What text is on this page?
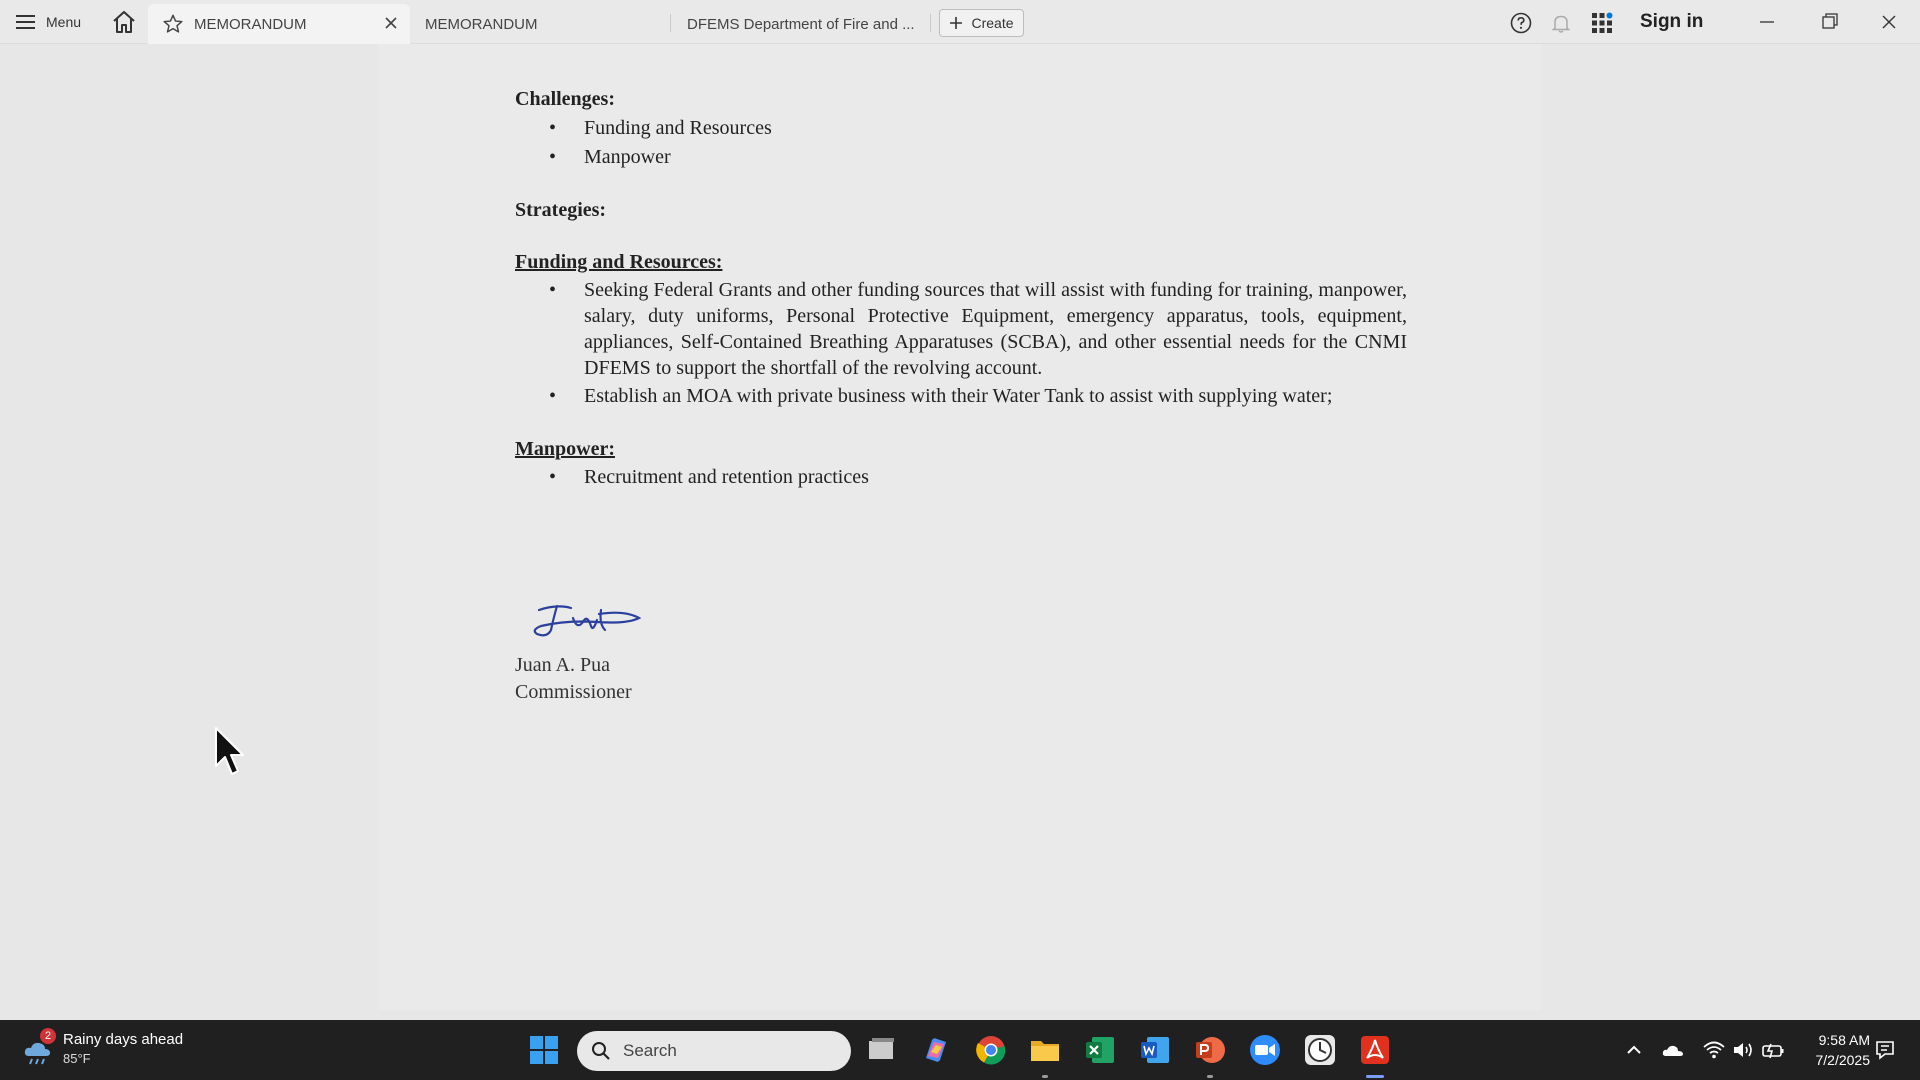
Menu	MEMORANDUM	MEMORANDUM	DFEMS Department of Fire and ...	Create	Sign in
Challenges:
• Funding and Resources
• Manpower
Strategies:
Funding and Resources:
• Seeking Federal Grants and other funding sources that will assist with funding for training, manpower, salary, duty uniforms, Personal Protective Equipment, emergency apparatus, tools, equipment, appliances, Self-Contained Breathing Apparatuses (SCBA), and other essential needs for the CNMI DFEMS to support the shortfall of the revolving account.
• Establish an MOA with private business with their Water Tank to assist with supplying water;
Manpower:
• Recruitment and retention practices
Juan A. Pua
Commissioner
2 Rainy days ahead
85°F	Search
9:58 AM
7/2/2025
